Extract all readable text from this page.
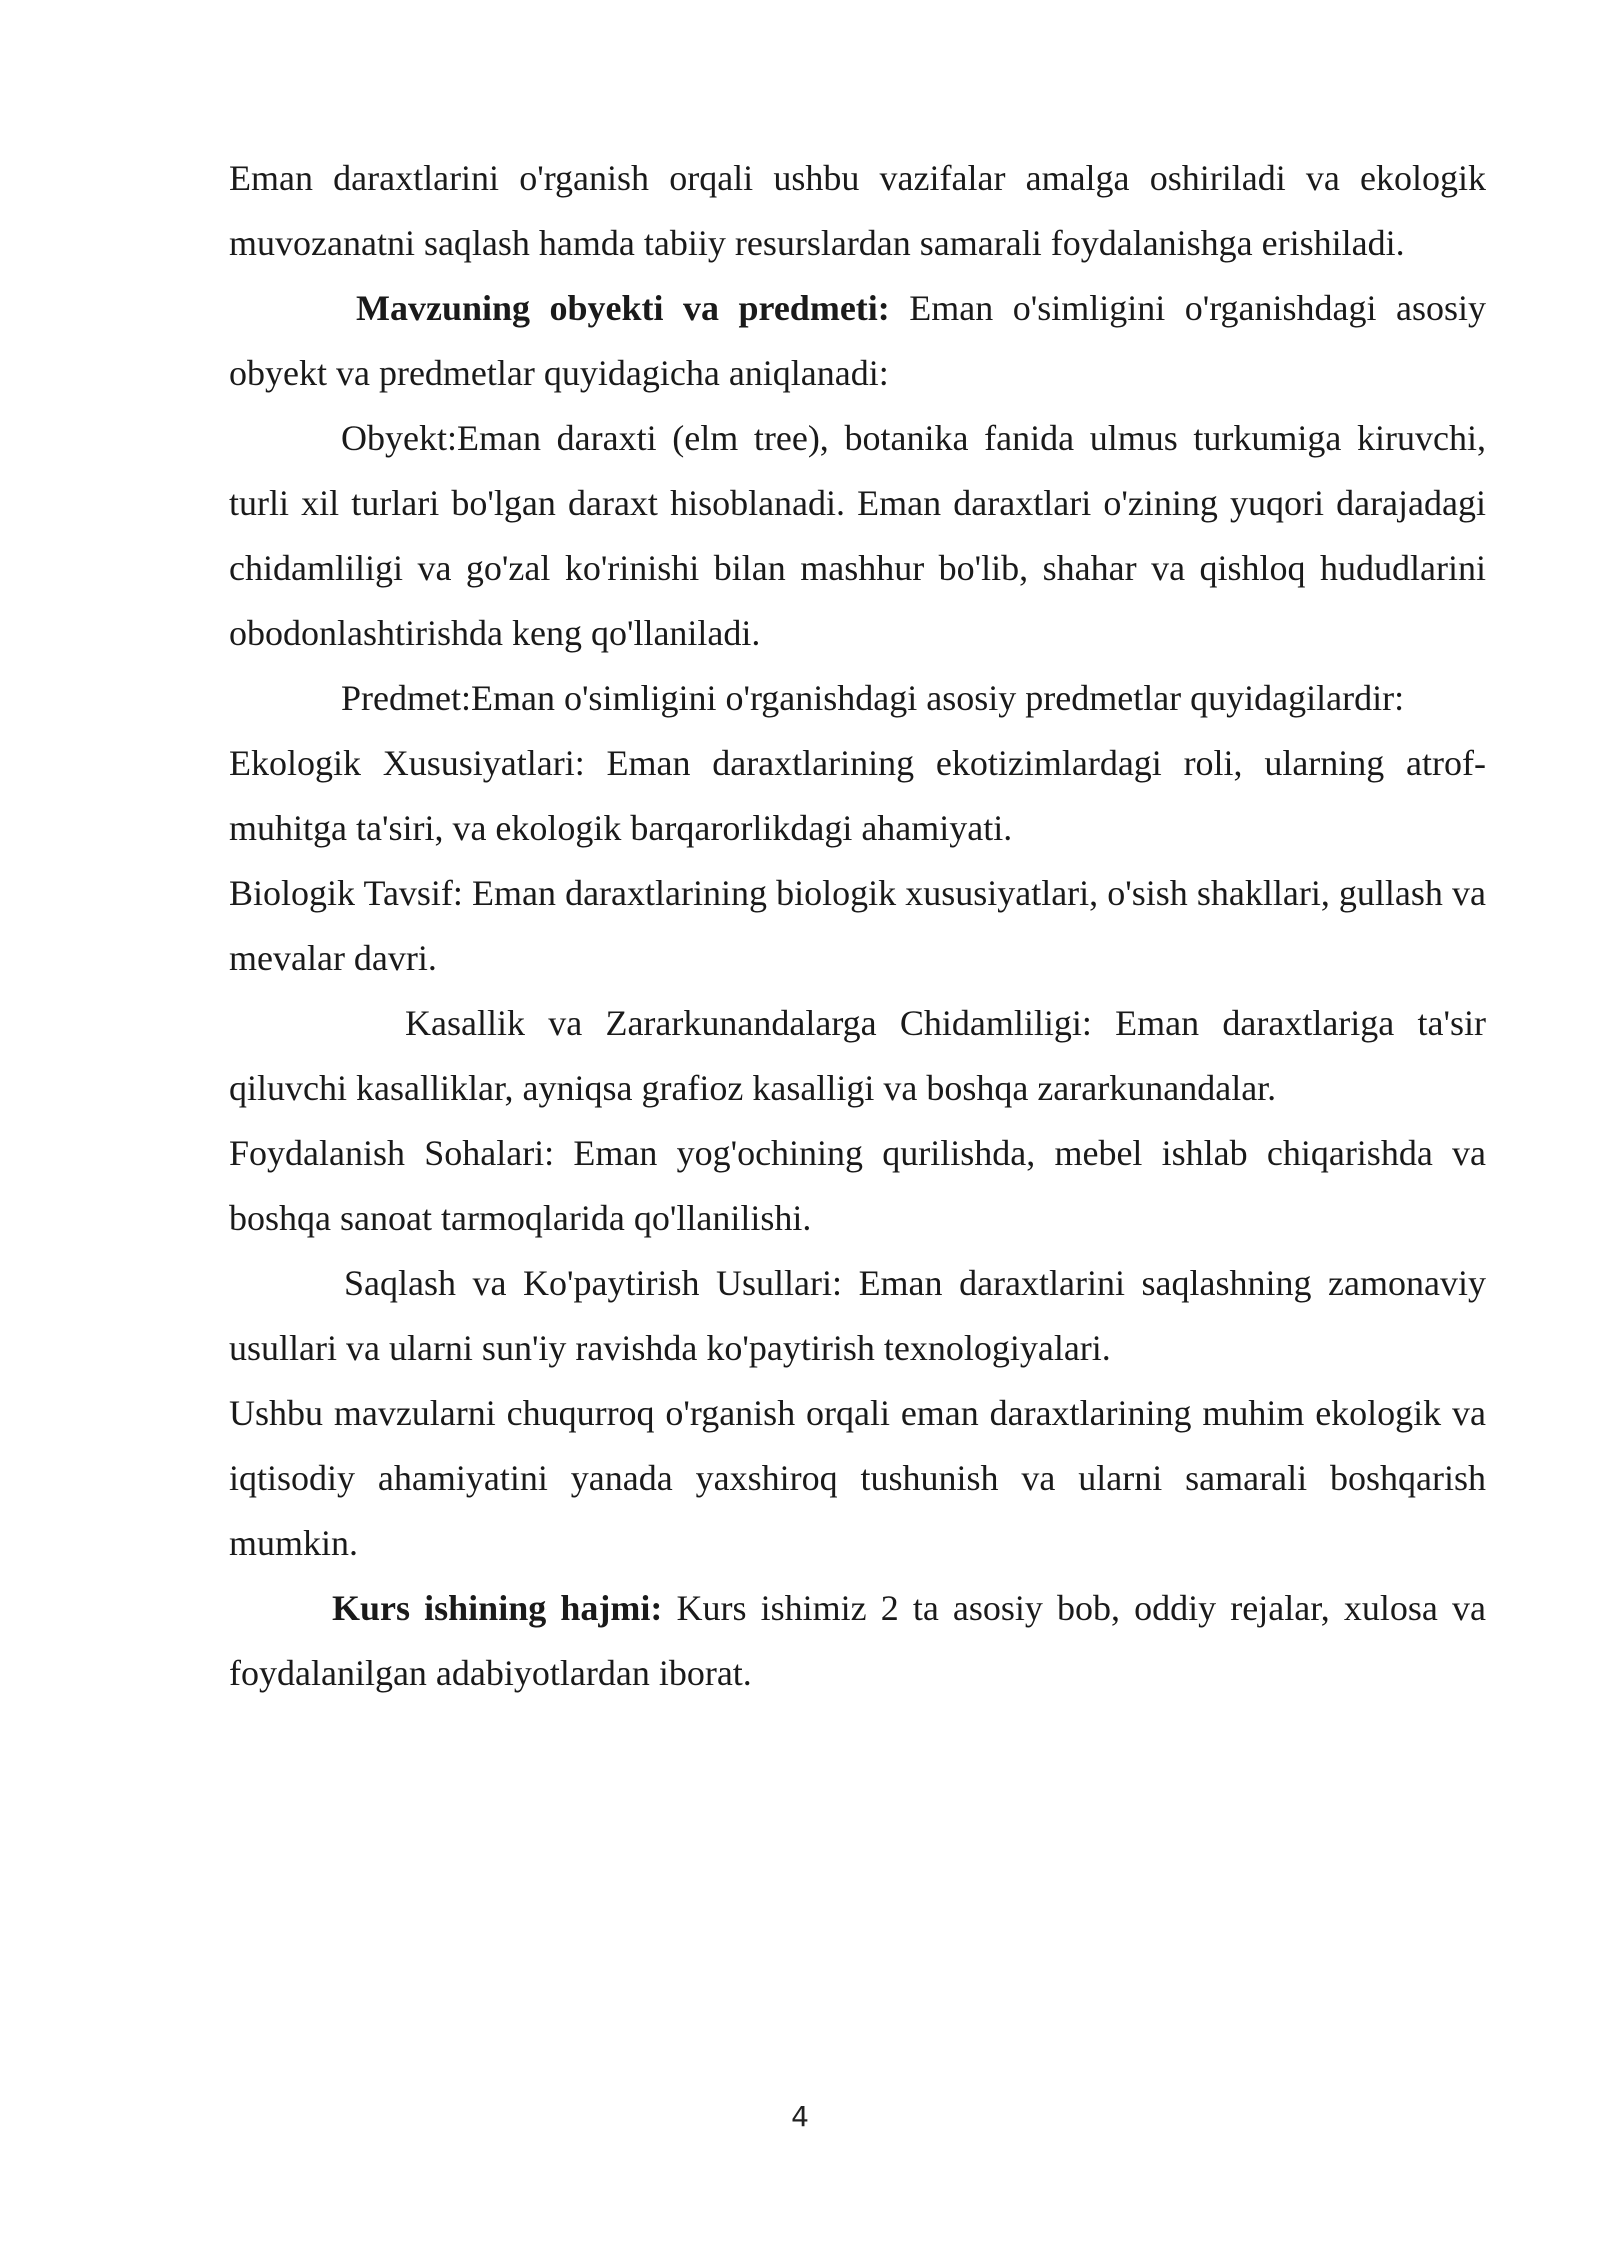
Eman daraxtlarini o'rganish orqali ushbu vazifalar amalga oshiriladi va ekologik muvozanatni saqlash hamda tabiiy resurslardan samarali foydalanishga erishiladi.

Mavzuning obyekti va predmeti: Eman o'simligini o'rganishdagi asosiy obyekt va predmetlar quyidagicha aniqlanadi:

Obyekt:Eman daraxti (elm tree), botanika fanida ulmus turkumiga kiruvchi, turli xil turlari bo'lgan daraxt hisoblanadi. Eman daraxtlari o'zining yuqori darajadagi chidamliligi va go'zal ko'rinishi bilan mashhur bo'lib, shahar va qishloq hududlarini obodonlashtirishda keng qo'llaniladi.

Predmet:Eman o'simligini o'rganishdagi asosiy predmetlar quyidagilardir:

Ekologik Xususiyatlari: Eman daraxtlarining ekotizimlardagi roli, ularning atrof-muhitga ta'siri, va ekologik barqarorlikdagi ahamiyati.

Biologik Tavsif: Eman daraxtlarining biologik xususiyatlari, o'sish shakllari, gullash va mevalar davri.

Kasallik va Zararkunandalarga Chidamliligi: Eman daraxtlariga ta'sir qiluvchi kasalliklar, ayniqsa grafioz kasalligi va boshqa zararkunandalar.

Foydalanish Sohalari: Eman yog'ochining qurilishda, mebel ishlab chiqarishda va boshqa sanoat tarmoqlarida qo'llanilishi.

Saqlash va Ko'paytirish Usullari: Eman daraxtlarini saqlashning zamonaviy usullari va ularni sun'iy ravishda ko'paytirish texnologiyalari.

Ushbu mavzularni chuqurroq o'rganish orqali eman daraxtlarining muhim ekologik va iqtisodiy ahamiyatini yanada yaxshiroq tushunish va ularni samarali boshqarish mumkin.

Kurs ishining hajmi: Kurs ishimiz 2 ta asosiy bob, oddiy rejalar, xulosa va foydalanilgan adabiyotlardan iborat.

4
